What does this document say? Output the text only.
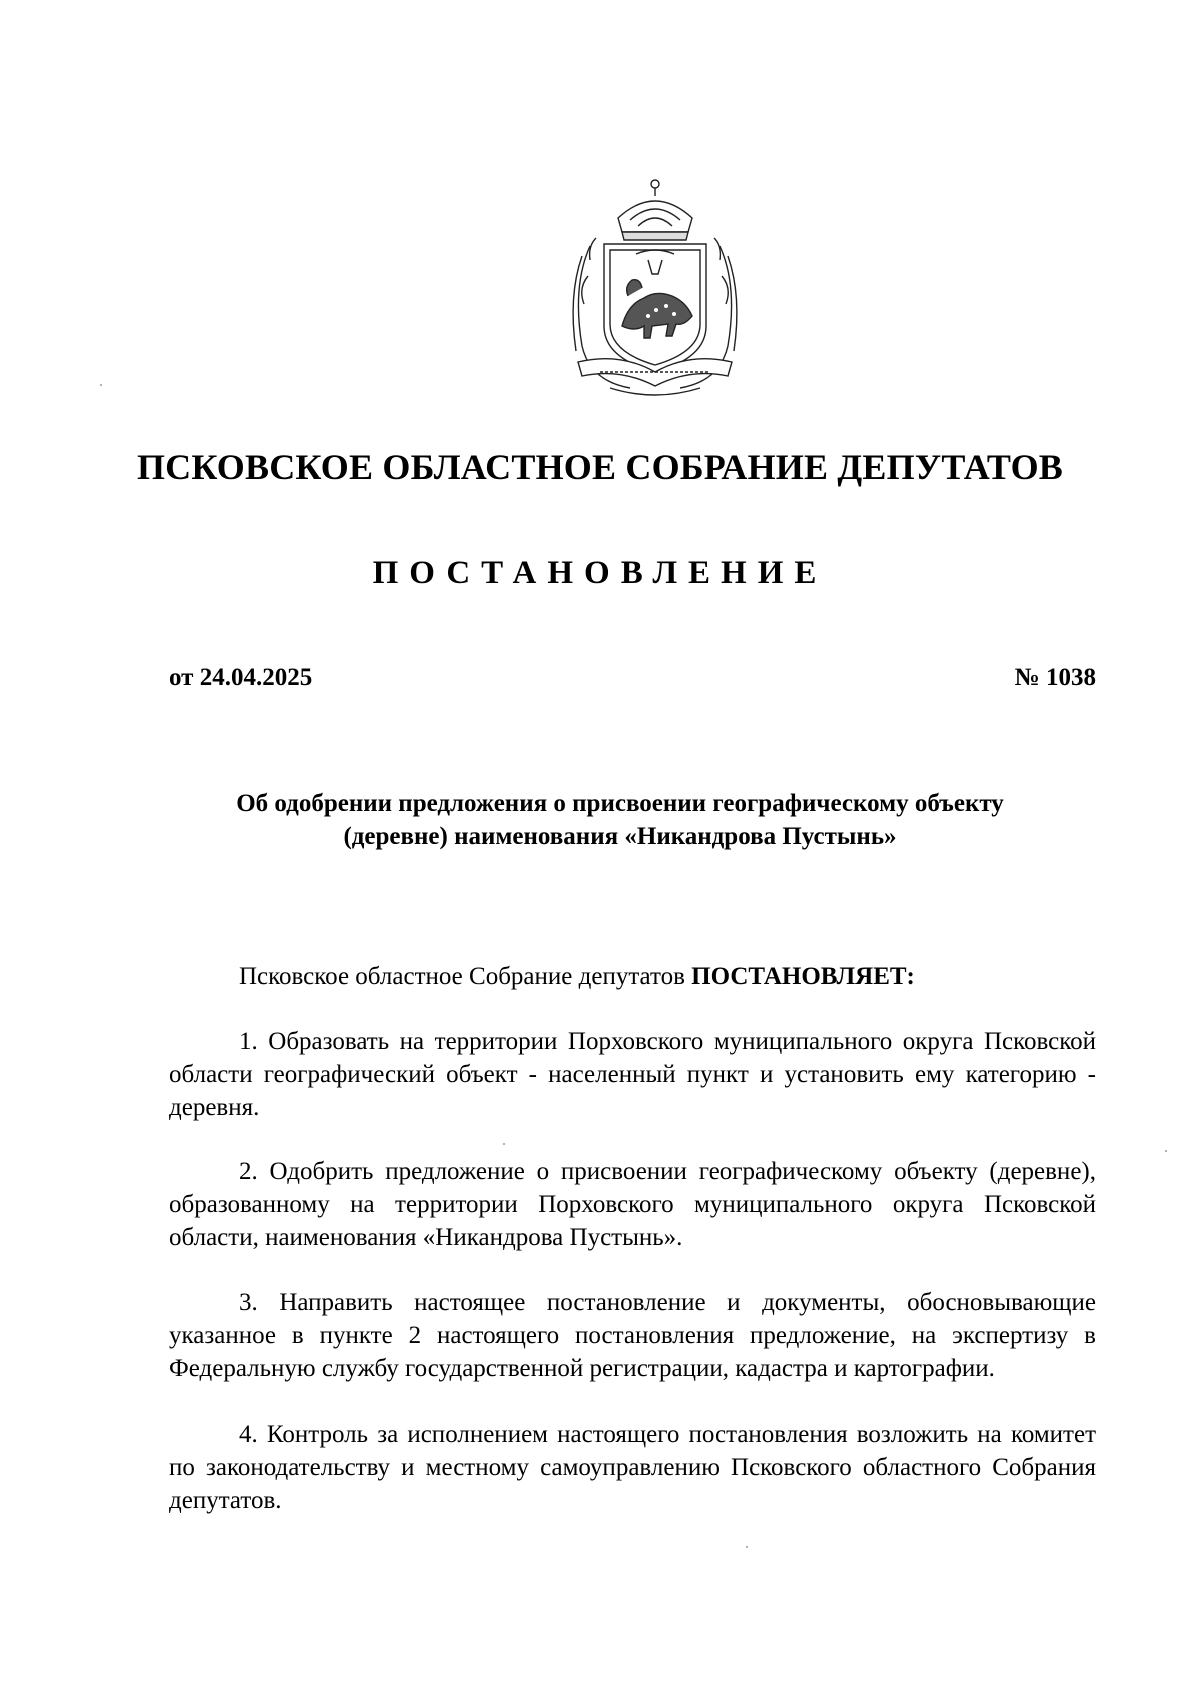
ПСКОВСКОЕ ОБЛАСТНОЕ СОБРАНИЕ ДЕПУТАТОВ
ПОСТАНОВЛЕНИЕ
от 24.04.2025	№ 1038
Об одобрении предложения о присвоении географическому объекту
(деревне) наименования «Никандрова Пустынь»

Псковское областное Собрание депутатов ПОСТАНОВЛЯЕТ:

1. Образовать на территории Порховского муниципального округа Псковской области географический объект - населенный пункт и установить ему категорию - деревня.

2. Одобрить предложение о присвоении географическому объекту (деревне), образованному на территории Порховского муниципального округа Псковской области, наименования «Никандрова Пустынь».

3. Направить настоящее постановление и документы, обосновывающие указанное в пункте 2 настоящего постановления предложение, на экспертизу в Федеральную службу государственной регистрации, кадастра и картографии.

4. Контроль за исполнением настоящего постановления возложить на комитет по законодательству и местному самоуправлению Псковского областного Собрания депутатов.
